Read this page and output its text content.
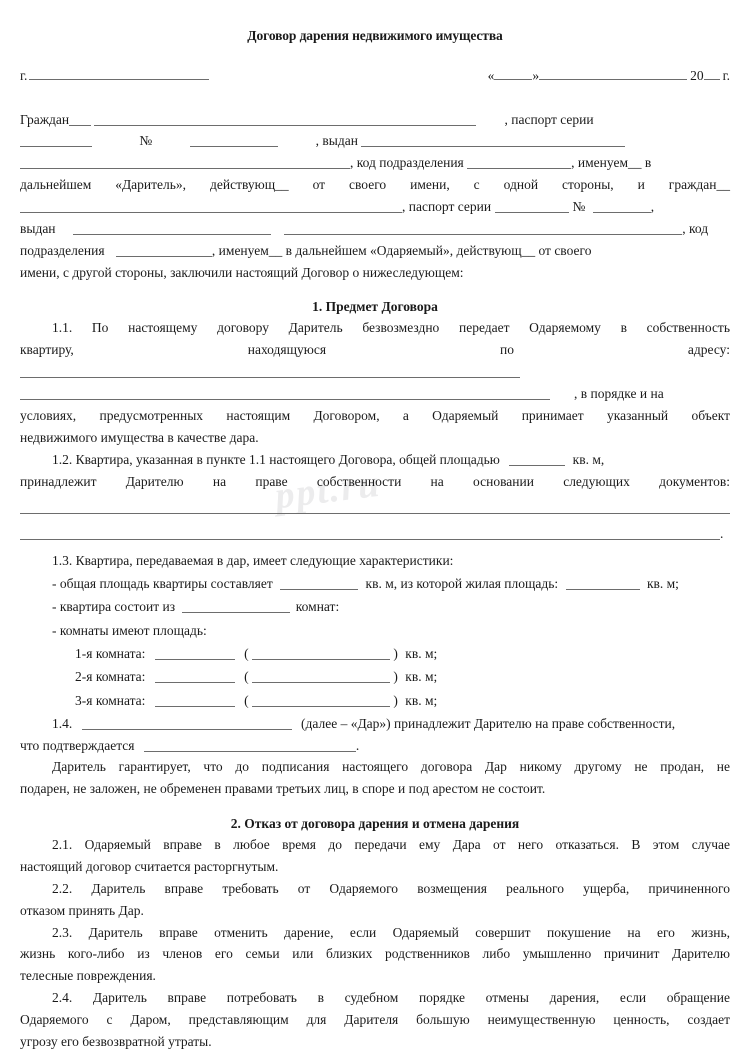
ppt.ru
Договор дарения недвижимого имущества
г.	«	»	20 г.
Граждан	, паспорт серии
№	, выдан
, код подразделения	, именуем__ в

дальнейшем «Даритель», действующ__ от своего имени, с одной стороны, и граждан__

, паспорт серии	№	,
выдан	, код
подразделения	, именуем__ в дальнейшем «Одаряемый», действующ__ от своего

имени, с другой стороны, заключили настоящий Договор о нижеследующем:

1. Предмет Договора

1.1. По настоящему договору Даритель безвозмездно передает Одаряемому в собственность

квартиру, находящуюся по адресу:

, в порядке и на

условиях, предусмотренных настоящим Договором, а Одаряемый принимает указанный объект

недвижимого имущества в качестве дара.

1.2. Квартира, указанная в пункте 1.1 настоящего Договора, общей площадью	кв. м,

принадлежит Дарителю на праве собственности на основании следующих документов:

.

1.3. Квартира, передаваемая в дар, имеет следующие характеристики:

- общая площадь квартиры составляет	кв. м, из которой жилая площадь:	кв. м;
- квартира состоит из	комнат:
- комнаты имеют площадь:
1-я комната:	(	) кв. м;
2-я комната:	(	) кв. м;
3-я комната:	(	) кв. м;
1.4.	(далее – «Дар») принадлежит Дарителю на праве собственности,
что подтверждается	.

Даритель гарантирует, что до подписания настоящего договора Дар никому другому не продан, не

подарен, не заложен, не обременен правами третьих лиц, в споре и под арестом не состоит.

2. Отказ от договора дарения и отмена дарения

2.1. Одаряемый вправе в любое время до передачи ему Дара от него отказаться. В этом случае

настоящий договор считается расторгнутым.

2.2. Даритель вправе требовать от Одаряемого возмещения реального ущерба, причиненного

отказом принять Дар.

2.3. Даритель вправе отменить дарение, если Одаряемый совершит покушение на его жизнь,

жизнь кого-либо из членов его семьи или близких родственников либо умышленно причинит Дарителю

телесные повреждения.

2.4. Даритель вправе потребовать в судебном порядке отмены дарения, если обращение

Одаряемого с Даром, представляющим для Дарителя большую неимущественную ценность, создает

угрозу его безвозвратной утраты.
